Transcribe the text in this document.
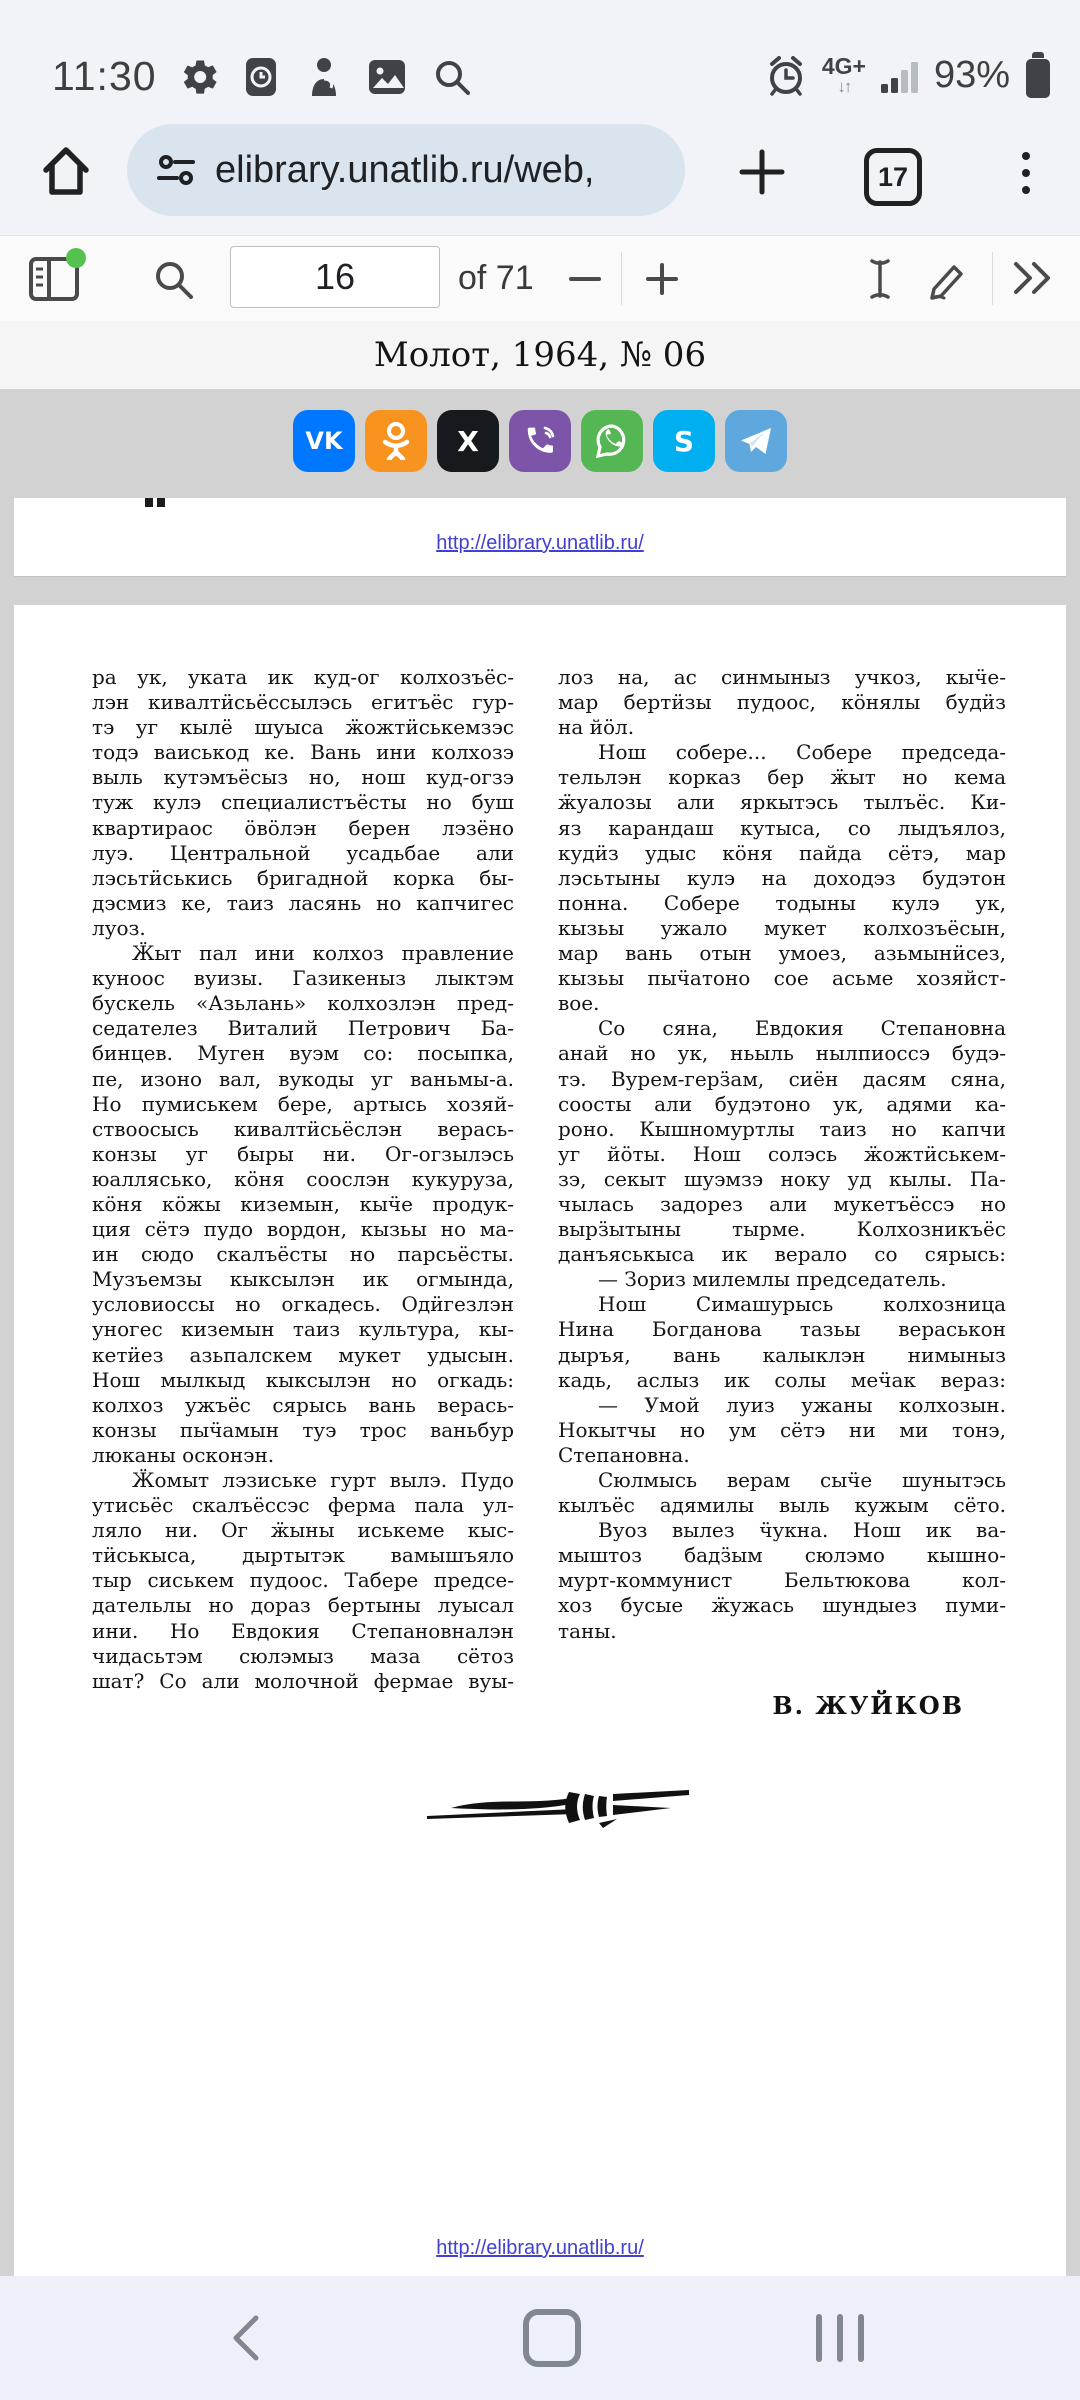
11:30	4G+
↓↑ 93%
elibrary.unatlib.ru/web,	17
16
of 71
Молот, 1964, № 06
VK	X	S
http://elibrary.unatlib.ru/
ра ук, уката ик куд-ог колхозъёс-
лэн кивалтӥсьёссылэсь егитъёс гур-
тэ уг кылё шуыса ӝожтӥськемзэс
тодэ ваиськод ке. Вань ини колхозэ
выль кутэмъёсыз но, нош куд-огзэ
туж кулэ специалистъёсты но буш
квартираос ӧвӧлэн берен лэзёно
луэ. Центральной усадьбае али
лэсьтӥськись бригадной корка бы-
дэсмиз ке, таиз ласянь но капчигес
луоз.
Ӝыт пал ини колхоз правление
куноос вуизы. Газикеныз лыктэм
бускель «Азьлань» колхозлэн пред-
седателез Виталий Петрович Ба-
бинцев. Муген вуэм со: посыпка,
пе, изоно вал, вукоды уг ваньмы-а.
Но пумиськем бере, артысь хозяй-
ствоосысь кивалтӥсьёслэн верась-
конзы уг быры ни. Ог-огзылэсь
юаллясько, кӧня соослэн кукуруза,
кӧня кӧжы киземын, кыӵе продук-
ция сётэ пудо вордон, кызьы но ма-
ин сюдо скалъёсты но парсьёсты.
Музъемзы кыксылэн ик огмында,
условиоссы но огкадесь. Одӥгезлэн
уногес киземын таиз культура, кы-
кетӥез азьпалскем мукет удысын.
Нош мылкыд кыксылэн но огкадь:
колхоз ужъёс сярысь вань верась-
конзы пыӵамын туэ трос ваньбур
люканы осконэн.
Ӝомыт лэзиське гурт вылэ. Пудо
утисьёс скалъёссэс ферма пала ул-
ляло ни. Ог ӝыны иськеме кыс-
тӥськыса, дыртытэк вамышъяло
тыр сиськем пудоос. Табере предсе-
дательлы но дораз бертыны луысал
ини. Но Евдокия Степановналэн
чидасьтэм сюлэмыз маза сётоз
шат? Со али молочной фермае вуы-
лоз на, ас синмыныз учкоз, кыӵе-
мар бертӥзы пудоос, кӧнялы будӥз
на йӧл.
Нош собере... Собере председа-
тельлэн корказ бер ӝыт но кема
ӝуалозы али яркытэсь тылъёс. Ки-
яз карандаш кутыса, со лыдъялоз,
кудӥз удыс кӧня пайда сётэ, мар
лэсьтыны кулэ на доходэз будэтон
понна. Собере тодыны кулэ ук,
кызьы ужало мукет колхозъёсын,
мар вань отын умоез, азьмынӥсез,
кызьы пыӵатоно сое асьме хозяйст-
вое.
Со сяна, Евдокия Степановна
анай но ук, ньыль нылпиоссэ будэ-
тэ. Вурем-герӟам, сиён дасям сяна,
соосты али будэтоно ук, адями ка-
роно. Кышномуртлы таиз но капчи
уг йӧты. Нош солэсь ӝожтӥськем-
зэ, секыт шуэмзэ ноку уд кылы. Па-
чылась задорез али мукетъёссэ но
вырӟытыны тырме. Колхозникъёс
данъяськыса ик верало со сярысь:
— Зориз милемлы председатель.
Нош Симашурысь колхозница
Нина Богданова тазьы вераськон
дыръя, вань калыклэн нимыныз
кадь, аслыз ик солы меӵак вераз:
— Умой луиз ужаны колхозын.
Нокытчы но ум сётэ ни ми тонэ,
Степановна.
Сюлмысь верам сыӵе шунытэсь
кылъёс адямилы выль кужым сёто.
Вуоз вылез ӵукна. Нош ик ва-
мыштоз бадӟым сюлэмо кышно-
мурт-коммунист Бельтюкова кол-
хоз бусые ӝужась шундыез пуми-
таны.
В. ЖУЙКОВ
http://elibrary.unatlib.ru/
